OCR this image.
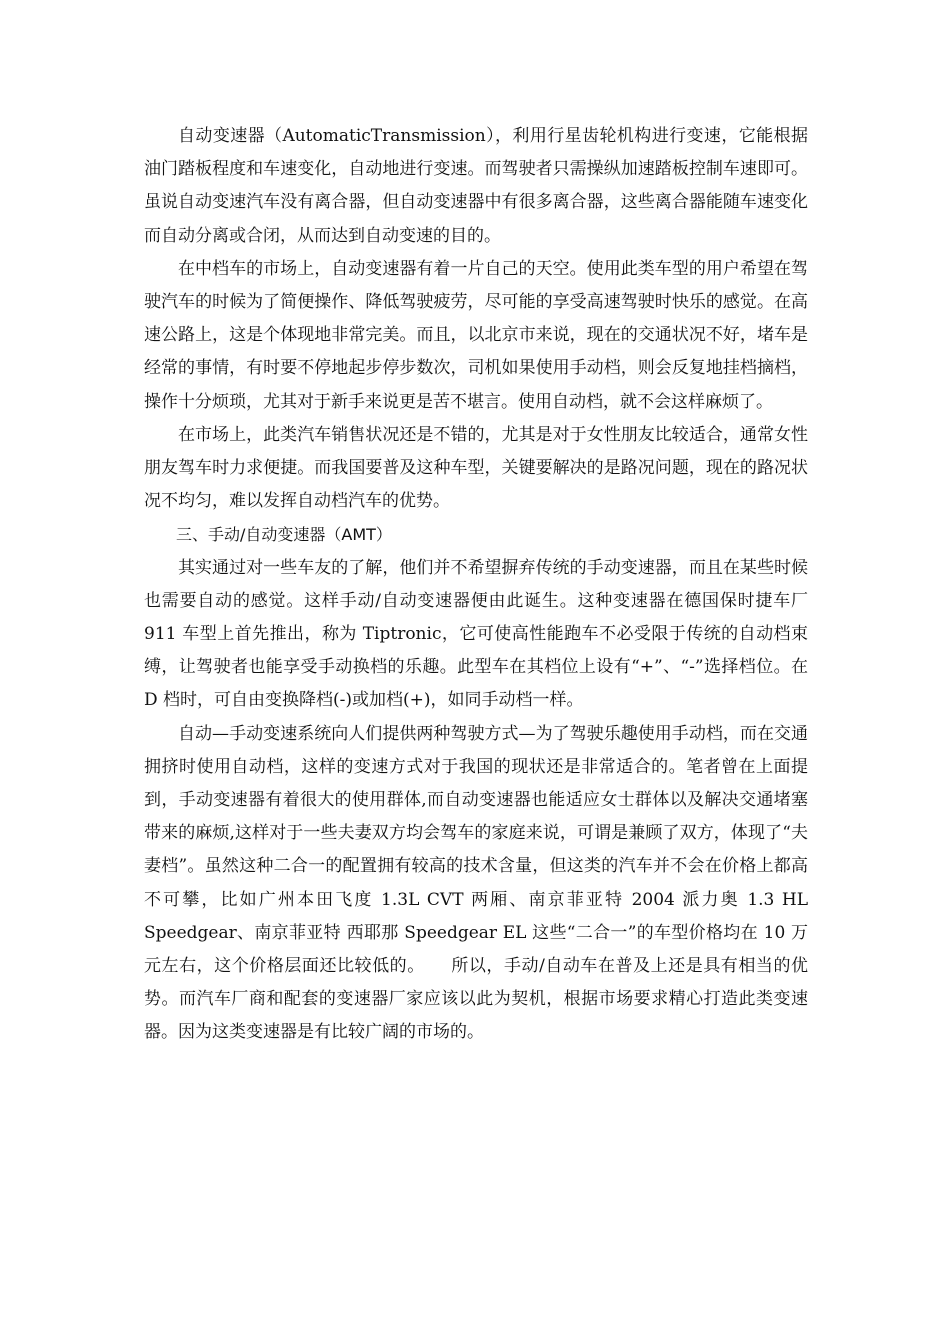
自动变速器（AutomaticTransmission），利用行星齿轮机构进行变速，它能根据油门踏板程度和车速变化，自动地进行变速。而驾驶者只需操纵加速踏板控制车速即可。虽说自动变速汽车没有离合器，但自动变速器中有很多离合器，这些离合器能随车速变化而自动分离或合闭，从而达到自动变速的目的。

在中档车的市场上，自动变速器有着一片自己的天空。使用此类车型的用户希望在驾驶汽车的时候为了简便操作、降低驾驶疲劳，尽可能的享受高速驾驶时快乐的感觉。在高速公路上，这是个体现地非常完美。而且，以北京市来说，现在的交通状况不好，堵车是经常的事情，有时要不停地起步停步数次，司机如果使用手动档，则会反复地挂档摘档，操作十分烦琐，尤其对于新手来说更是苦不堪言。使用自动档，就不会这样麻烦了。

在市场上，此类汽车销售状况还是不错的，尤其是对于女性朋友比较适合，通常女性朋友驾车时力求便捷。而我国要普及这种车型，关键要解决的是路况问题，现在的路况状况不均匀，难以发挥自动档汽车的优势。

三、手动/自动变速器（AMT）

其实通过对一些车友的了解，他们并不希望摒弃传统的手动变速器，而且在某些时候也需要自动的感觉。这样手动/自动变速器便由此诞生。这种变速器在德国保时捷车厂 911 车型上首先推出，称为 Tiptronic，它可使高性能跑车不必受限于传统的自动档束缚，让驾驶者也能享受手动换档的乐趣。此型车在其档位上设有“+”、“-”选择档位。在 D 档时，可自由变换降档(-)或加档(+)，如同手动档一样。

自动—手动变速系统向人们提供两种驾驶方式—为了驾驶乐趣使用手动档，而在交通拥挤时使用自动档，这样的变速方式对于我国的现状还是非常适合的。笔者曾在上面提到，手动变速器有着很大的使用群体,而自动变速器也能适应女士群体以及解决交通堵塞带来的麻烦,这样对于一些夫妻双方均会驾车的家庭来说，可谓是兼顾了双方，体现了“夫妻档”。虽然这种二合一的配置拥有较高的技术含量，但这类的汽车并不会在价格上都高不可攀，比如广州本田飞度 1.3L CVT 两厢、南京菲亚特 2004 派力奥 1.3 HL Speedgear、南京菲亚特 西耶那 Speedgear EL 这些“二合一”的车型价格均在 10 万元左右，这个价格层面还比较低的。　　所以，手动/自动车在普及上还是具有相当的优势。而汽车厂商和配套的变速器厂家应该以此为契机，根据市场要求精心打造此类变速器。因为这类变速器是有比较广阔的市场的。
